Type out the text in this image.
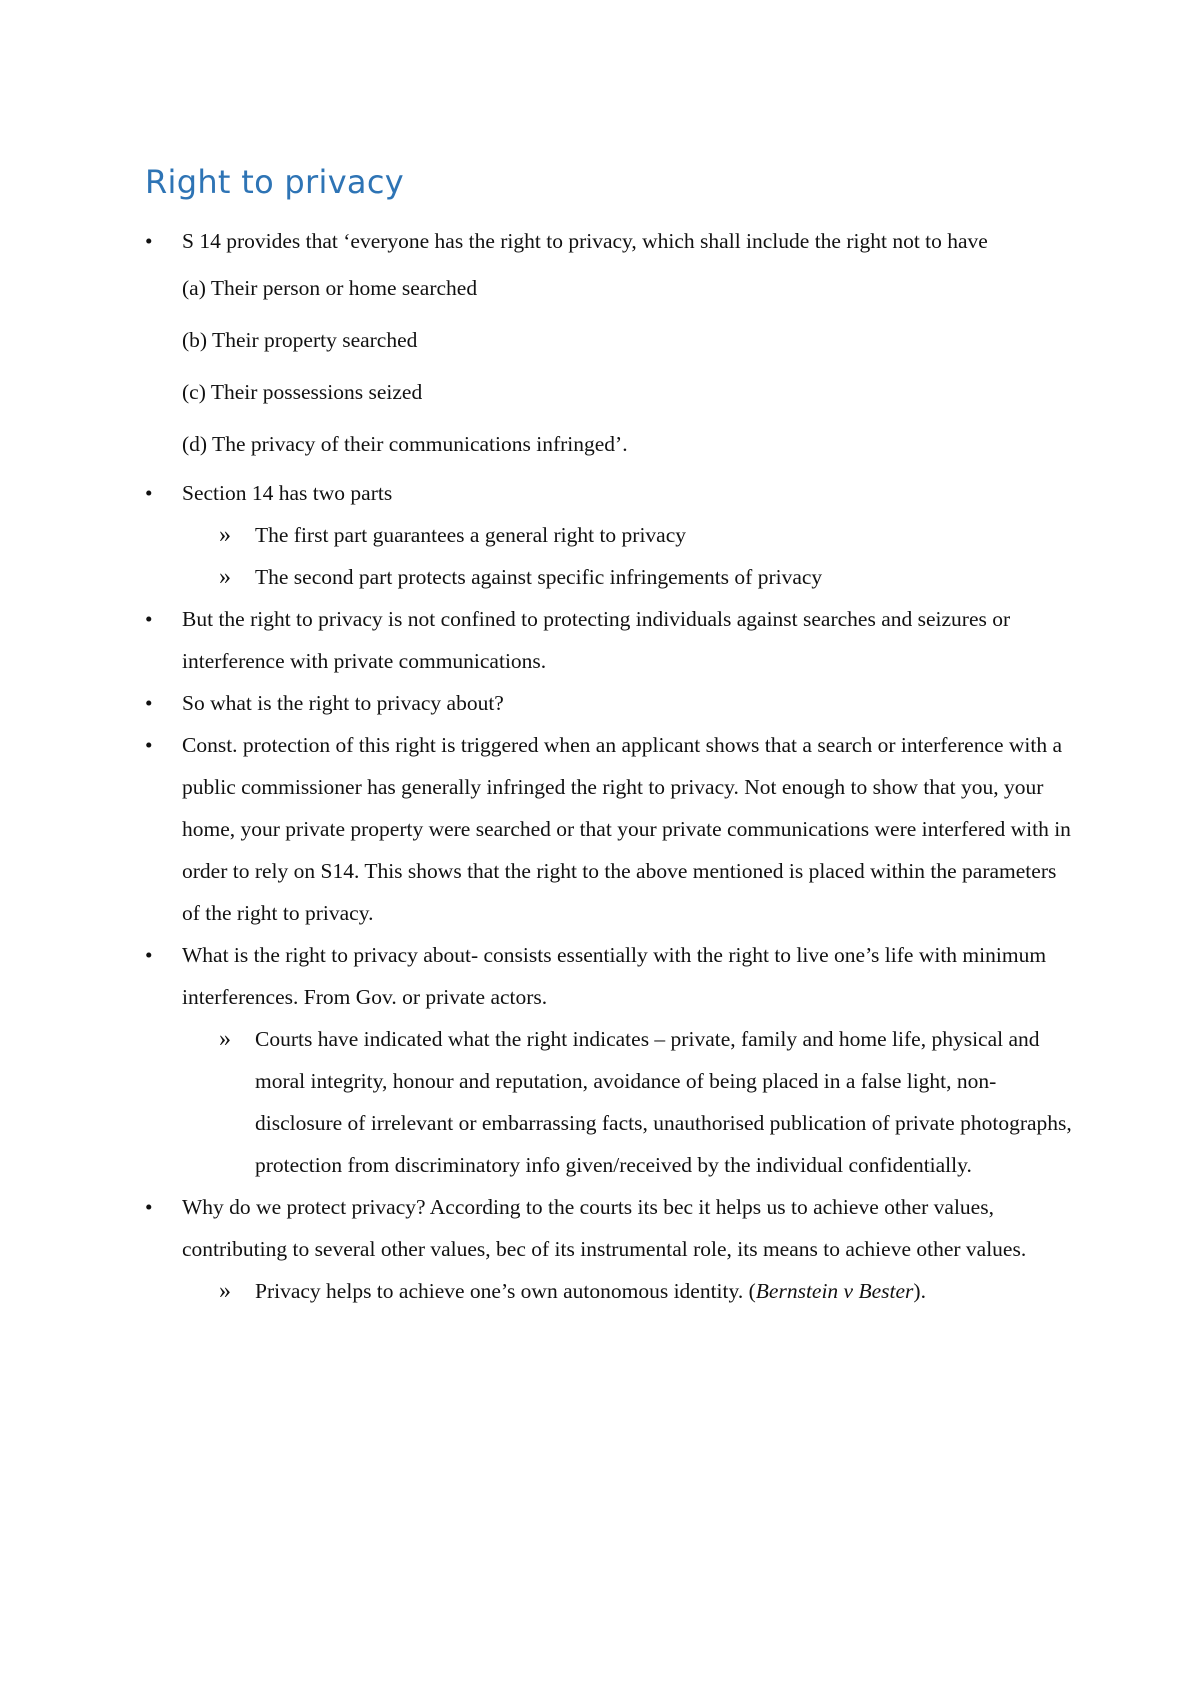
Right to privacy
•	S 14 provides that ‘everyone has the right to privacy, which shall include the right not to have
(a) Their person or home searched
(b) Their property searched
(c) Their possessions seized
(d) The privacy of their communications infringed’.
•	Section 14 has two parts
» The first part guarantees a general right to privacy
» The second part protects against specific infringements of privacy
•	But the right to privacy is not confined to protecting individuals against searches and seizures or interference with private communications.
•	So what is the right to privacy about?
•	Const. protection of this right is triggered when an applicant shows that a search or interference with a public commissioner has generally infringed the right to privacy. Not enough to show that you, your home, your private property were searched or that your private communications were interfered with in order to rely on S14. This shows that the right to the above mentioned is placed within the parameters of the right to privacy.
•	What is the right to privacy about- consists essentially with the right to live one’s life with minimum interferences. From Gov. or private actors.
» Courts have indicated what the right indicates – private, family and home life, physical and moral integrity, honour and reputation, avoidance of being placed in a false light, non-disclosure of irrelevant or embarrassing facts, unauthorised publication of private photographs, protection from discriminatory info given/received by the individual confidentially.
•	Why do we protect privacy? According to the courts its bec it helps us to achieve other values, contributing to several other values, bec of its instrumental role, its means to achieve other values.
» Privacy helps to achieve one’s own autonomous identity. (Bernstein v Bester).
